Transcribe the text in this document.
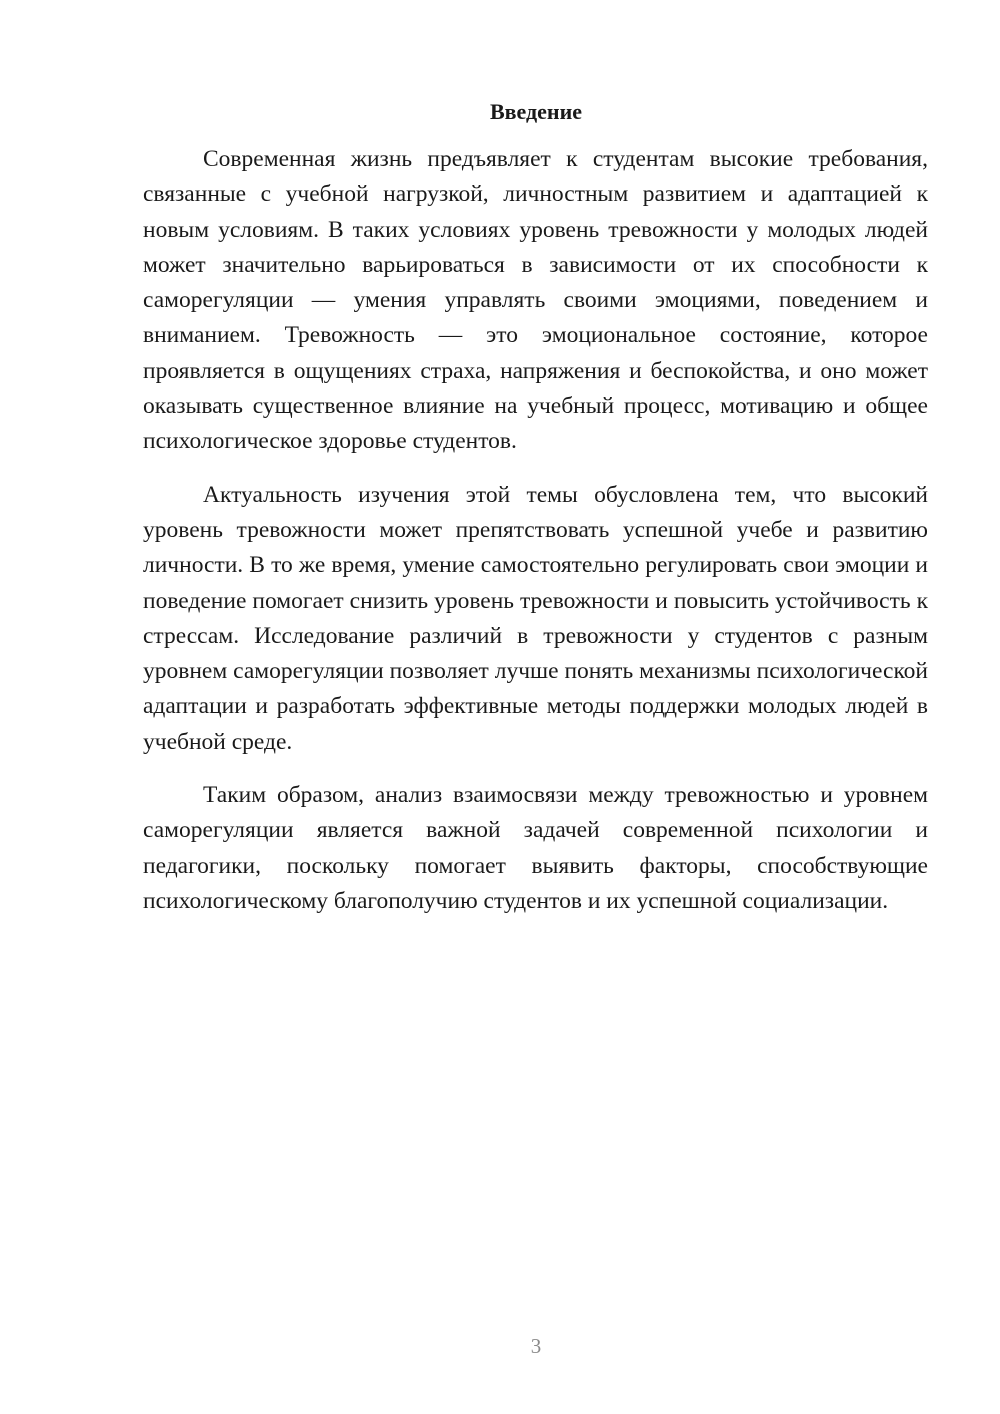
Введение

Современная жизнь предъявляет к студентам высокие требования, связанные с учебной нагрузкой, личностным развитием и адаптацией к новым условиям. В таких условиях уровень тревожности у молодых людей может значительно варьироваться в зависимости от их способности к саморегуляции — умения управлять своими эмоциями, поведением и вниманием. Тревожность — это эмоциональное состояние, которое проявляется в ощущениях страха, напряжения и беспокойства, и оно может оказывать существенное влияние на учебный процесс, мотивацию и общее психологическое здоровье студентов.

Актуальность изучения этой темы обусловлена тем, что высокий уровень тревожности может препятствовать успешной учебе и развитию личности. В то же время, умение самостоятельно регулировать свои эмоции и поведение помогает снизить уровень тревожности и повысить устойчивость к стрессам. Исследование различий в тревожности у студентов с разным уровнем саморегуляции позволяет лучше понять механизмы психологической адаптации и разработать эффективные методы поддержки молодых людей в учебной среде.

Таким образом, анализ взаимосвязи между тревожностью и уровнем саморегуляции является важной задачей современной психологии и педагогики, поскольку помогает выявить факторы, способствующие психологическому благополучию студентов и их успешной социализации.

3
